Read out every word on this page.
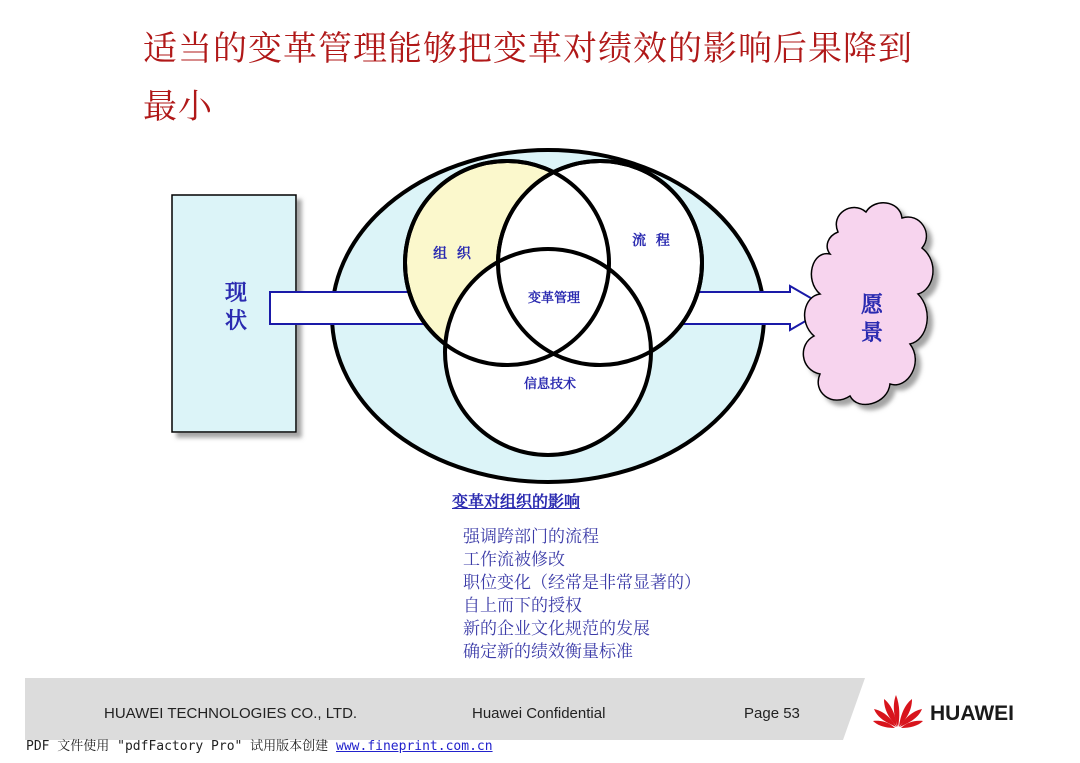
适当的变革管理能够把变革对绩效的影响后果降到
最小
现
状
组  织
流  程
变革管理
信息技术
愿
景
变革对组织的影响
强调跨部门的流程
工作流被修改
职位变化（经常是非常显著的）
自上而下的授权
新的企业文化规范的发展
确定新的绩效衡量标准
HUAWEI TECHNOLOGIES CO., LTD.	Huawei Confidential	Page 53	HUAWEI
PDF 文件使用 "pdfFactory Pro" 试用版本创建 www.fineprint.com.cn
